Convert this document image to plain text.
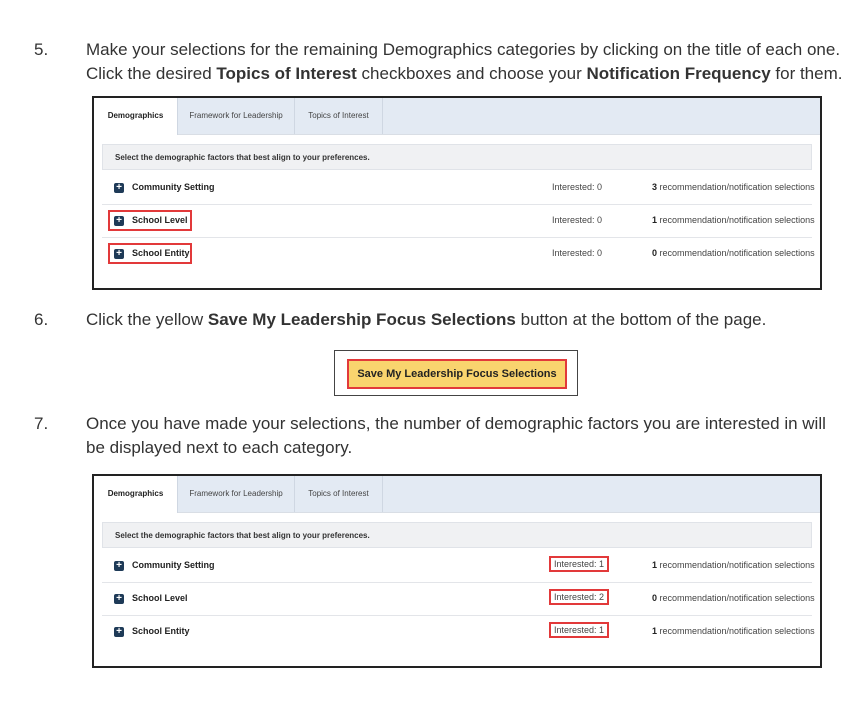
5.	Make your selections for the remaining Demographics categories by clicking on the title of each one.
Click the desired Topics of Interest checkboxes and choose your Notification Frequency for them.
Demographics	Framework for Leadership	Topics of Interest
Select the demographic factors that best align to your preferences.
+ Community Setting	Interested: 0	3 recommendation/notification selections
+ School Level	Interested: 0	1 recommendation/notification selections
+ School Entity	Interested: 0	0 recommendation/notification selections
6.	Click the yellow Save My Leadership Focus Selections button at the bottom of the page.
Save My Leadership Focus Selections
7.	Once you have made your selections, the number of demographic factors you are interested in will
be displayed next to each category.
Demographics	Framework for Leadership	Topics of Interest
Select the demographic factors that best align to your preferences.
+ Community Setting	Interested: 1	1 recommendation/notification selections
+ School Level	Interested: 2	0 recommendation/notification selections
+ School Entity	Interested: 1	1 recommendation/notification selections
